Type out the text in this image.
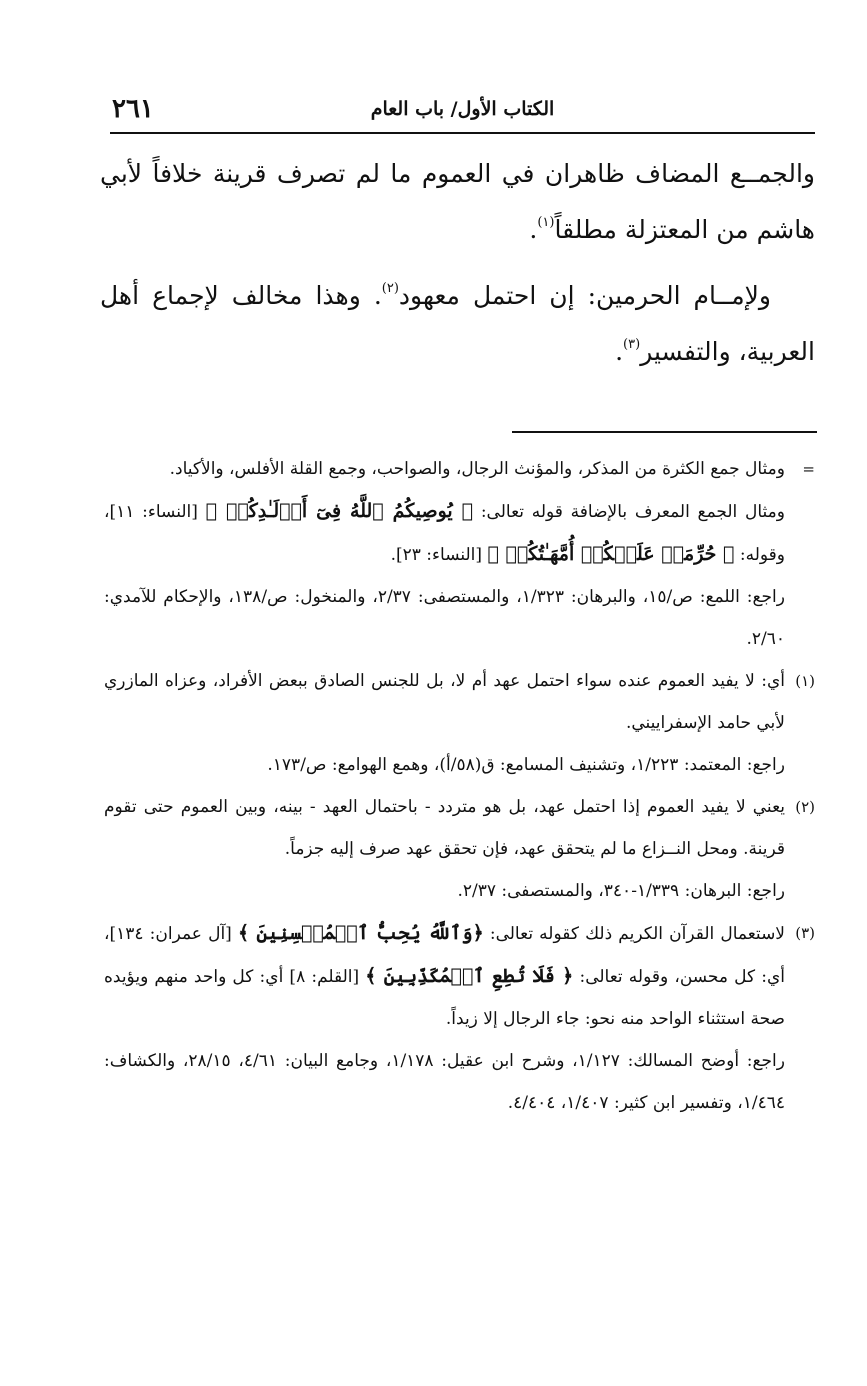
٢٦١	الكتاب الأول/ باب العام

والجمــع المضاف ظاهران في العموم ما لم تصرف قرينة خلافاً لأبي هاشم من المعتزلة مطلقاً$^{(١)}$.

ولإمــام الحرمين: إن احتمل معهود$^{(٢)}$. وهذا مخالف لإجماع أهل العربية، والتفسير$^{(٣)}$.

=
ومثال جمع الكثرة من المذكر، والمؤنث الرجال، والصواحب، وجمع القلة الأفلس، والأكياد.
ومثال الجمع المعرف بالإضافة قوله تعالى: ﴿ يُوصِيكُمُ ٱللَّهُ فِىٓ أَوۡلَـٰدِكُمۡ ﴾ [النساء: ١١]، وقوله: ﴿ حُرِّمَتۡ عَلَيۡكُمۡ أُمَّهَـٰتُكُمۡ ﴾ [النساء: ٢٣].
راجع: اللمع: ص/١٥، والبرهان: ١/٣٢٣، والمستصفى: ٢/٣٧، والمنخول: ص/١٣٨، والإحكام للآمدي: ٢/٦٠.
(١)
أي: لا يفيد العموم عنده سواء احتمل عهد أم لا، بل للجنس الصادق ببعض الأفراد، وعزاه المازري لأبي حامد الإسفراييني.
راجع: المعتمد: ١/٢٢٣، وتشنيف المسامع: ق(٥٨/أ)، وهمع الهوامع: ص/١٧٣.
(٢)
يعني لا يفيد العموم إذا احتمل عهد، بل هو متردد - باحتمال العهد - بينه، وبين العموم حتى تقوم قرينة. ومحل النــزاع ما لم يتحقق عهد، فإن تحقق عهد صرف إليه جزماً.
راجع: البرهان: ١/٣٣٩-٣٤٠، والمستصفى: ٢/٣٧.
(٣)
لاستعمال القرآن الكريم ذلك كقوله تعالى: ﴿وَٱللَّهُ يُحِبُّ ٱلۡمُحۡسِنِينَ ﴾ [آل عمران: ١٣٤]، أي: كل محسن، وقوله تعالى: ﴿ فَلَا تُطِعِ ٱلۡمُكَذِّبِينَ ﴾ [القلم: ٨] أي: كل واحد منهم ويؤيده صحة استثناء الواحد منه نحو: جاء الرجال إلا زيداً.
راجع: أوضح المسالك: ١/١٢٧، وشرح ابن عقيل: ١/١٧٨، وجامع البيان: ٤/٦١، ٢٨/١٥، والكشاف: ١/٤٦٤، وتفسير ابن كثير: ١/٤٠٧، ٤/٤٠٤.
